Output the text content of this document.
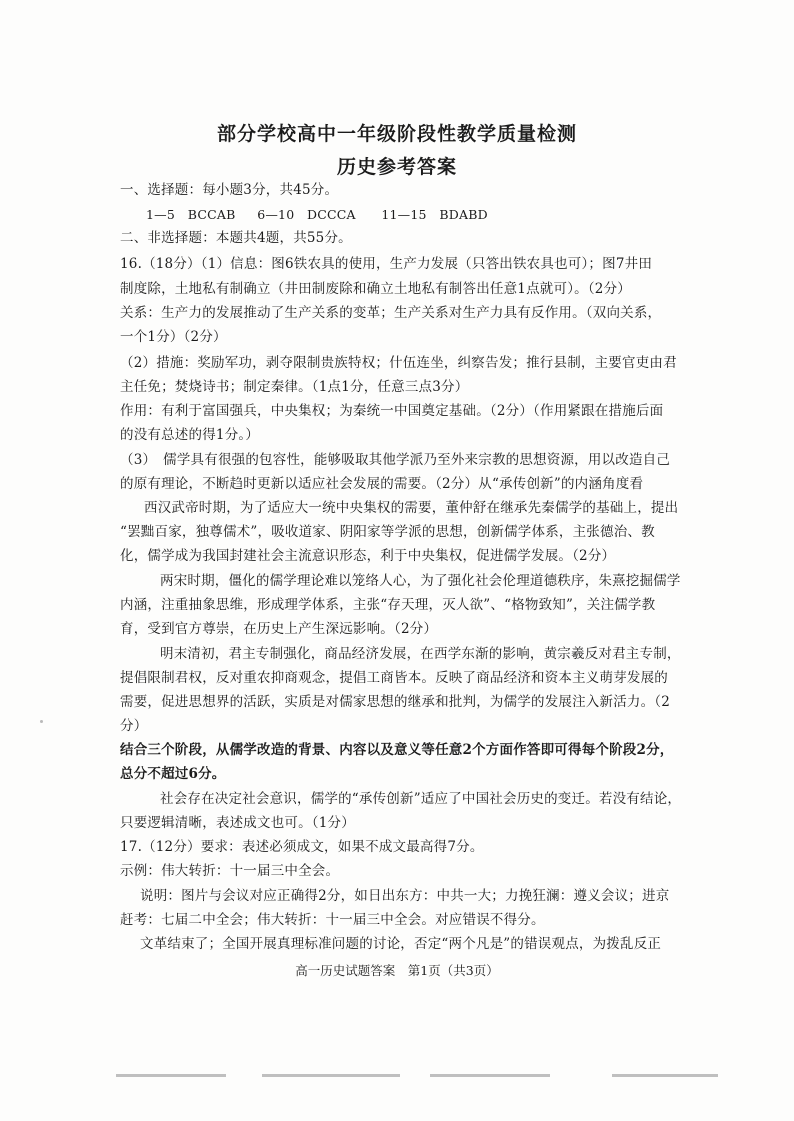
部分学校高中一年级阶段性教学质量检测
历史参考答案
一、选择题：每小题3分，共45分。
1—5　BCCAB 6—10　DCCCA 11—15　BDABD
二、非选择题：本题共4题，共55分。
16.（18分）（1）信息：图6铁农具的使用，生产力发展（只答出铁农具也可）；图7井田
制度除，土地私有制确立（井田制废除和确立土地私有制答出任意1点就可）。（2分）
关系：生产力的发展推动了生产关系的变革；生产关系对生产力具有反作用。（双向关系，
一个1分）（2分）
（2）措施：奖励军功，剥夺限制贵族特权；什伍连坐，纠察告发；推行县制，主要官吏由君
主任免；焚烧诗书；制定秦律。（1点1分，任意三点3分）
作用：有利于富国强兵，中央集权；为秦统一中国奠定基础。（2分）（作用紧跟在措施后面
的没有总述的得1分。）
（3）　儒学具有很强的包容性，能够吸取其他学派乃至外来宗教的思想资源，用以改造自己
的原有理论，不断趋时更新以适应社会发展的需要。（2分）从“承传创新”的内涵角度看
西汉武帝时期，为了适应大一统中央集权的需要，董仲舒在继承先秦儒学的基础上，提出
“罢黜百家，独尊儒术”，吸收道家、阴阳家等学派的思想，创新儒学体系，主张德治、教
化，儒学成为我国封建社会主流意识形态，利于中央集权，促进儒学发展。（2分）
两宋时期，僵化的儒学理论难以笼络人心，为了强化社会伦理道德秩序，朱熹挖掘儒学
内涵，注重抽象思维，形成理学体系，主张“存天理，灭人欲”、“格物致知”，关注儒学教
育，受到官方尊崇，在历史上产生深远影响。（2分）
明末清初，君主专制强化，商品经济发展，在西学东渐的影响，黄宗羲反对君主专制，
提倡限制君权，反对重农抑商观念，提倡工商皆本。反映了商品经济和资本主义萌芽发展的
需要，促进思想界的活跃，实质是对儒家思想的继承和批判，为儒学的发展注入新活力。（2
分）
结合三个阶段，从儒学改造的背景、内容以及意义等任意2个方面作答即可得每个阶段2分，
总分不超过6分。
社会存在决定社会意识，儒学的“承传创新”适应了中国社会历史的变迁。若没有结论，
只要逻辑清晰，表述成文也可。（1分）
17.（12分）要求：表述必须成文，如果不成文最高得7分。
示例：伟大转折：十一届三中全会。
说明：图片与会议对应正确得2分，如日出东方：中共一大；力挽狂澜：遵义会议；进京
赶考：七届二中全会；伟大转折：十一届三中全会。对应错误不得分。
文革结束了；全国开展真理标准问题的讨论，否定“两个凡是”的错误观点，为拨乱反正
高一历史试题答案　第1页（共3页）
